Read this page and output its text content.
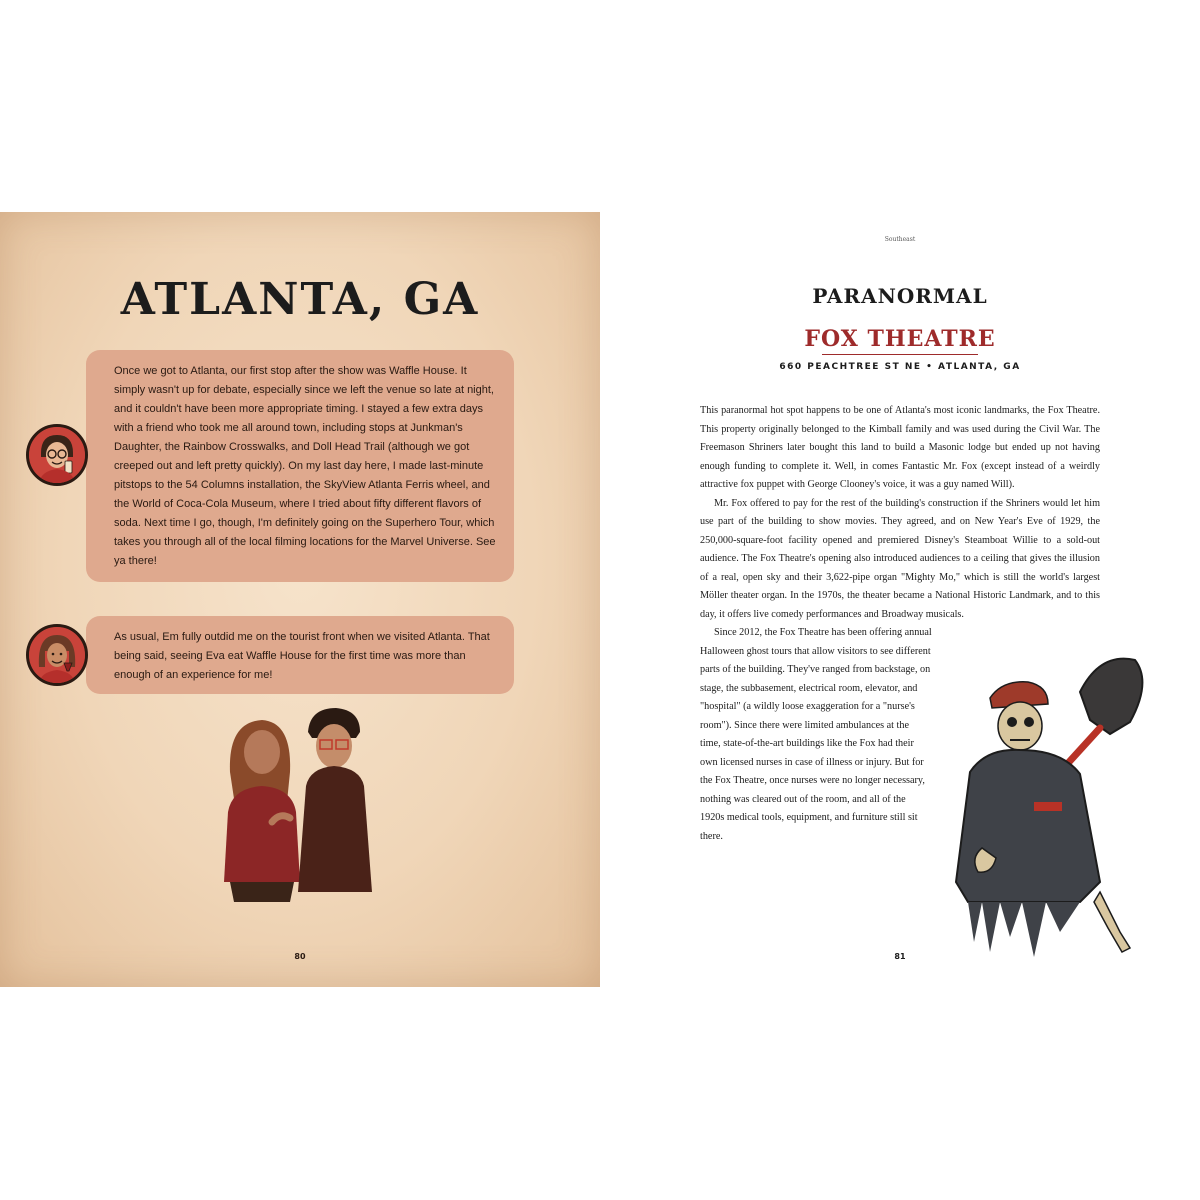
ATLANTA, GA
Once we got to Atlanta, our first stop after the show was Waffle House. It simply wasn't up for debate, especially since we left the venue so late at night, and it couldn't have been more appropriate timing. I stayed a few extra days with a friend who took me all around town, including stops at Junkman's Daughter, the Rainbow Crosswalks, and Doll Head Trail (although we got creeped out and left pretty quickly). On my last day here, I made last-minute pitstops to the 54 Columns installation, the SkyView Atlanta Ferris wheel, and the World of Coca-Cola Museum, where I tried about fifty different flavors of soda. Next time I go, though, I'm definitely going on the Superhero Tour, which takes you through all of the local filming locations for the Marvel Universe. See ya there!
As usual, Em fully outdid me on the tourist front when we visited Atlanta. That being said, seeing Eva eat Waffle House for the first time was more than enough of an experience for me!
80
Southeast
PARANORMAL
FOX THEATRE
660 PEACHTREE ST NE • ATLANTA, GA

This paranormal hot spot happens to be one of Atlanta's most iconic landmarks, the Fox Theatre. This property originally belonged to the Kimball family and was used during the Civil War. The Freemason Shriners later bought this land to build a Masonic lodge but ended up not having enough funding to complete it. Well, in comes Fantastic Mr. Fox (except instead of a weirdly attractive fox puppet with George Clooney's voice, it was a guy named Will).

Mr. Fox offered to pay for the rest of the building's construction if the Shriners would let him use part of the building to show movies. They agreed, and on New Year's Eve of 1929, the 250,000-square-foot facility opened and premiered Disney's Steamboat Willie to a sold-out audience. The Fox Theatre's opening also introduced audiences to a ceiling that gives the illusion of a real, open sky and their 3,622-pipe organ "Mighty Mo," which is still the world's largest Möller theater organ. In the 1970s, the theater became a National Historic Landmark, and to this day, it offers live comedy performances and Broadway musicals.

Since 2012, the Fox Theatre has been offering annual Halloween ghost tours that allow visitors to see different parts of the building. They've ranged from backstage, on stage, the subbasement, electrical room, elevator, and "hospital" (a wildly loose exaggeration for a "nurse's room"). Since there were limited ambulances at the time, state-of-the-art buildings like the Fox had their own licensed nurses in case of illness or injury. But for the Fox Theatre, once nurses were no longer necessary, nothing was cleared out of the room, and all of the 1920s medical tools, equipment, and furniture still sit there.

81
